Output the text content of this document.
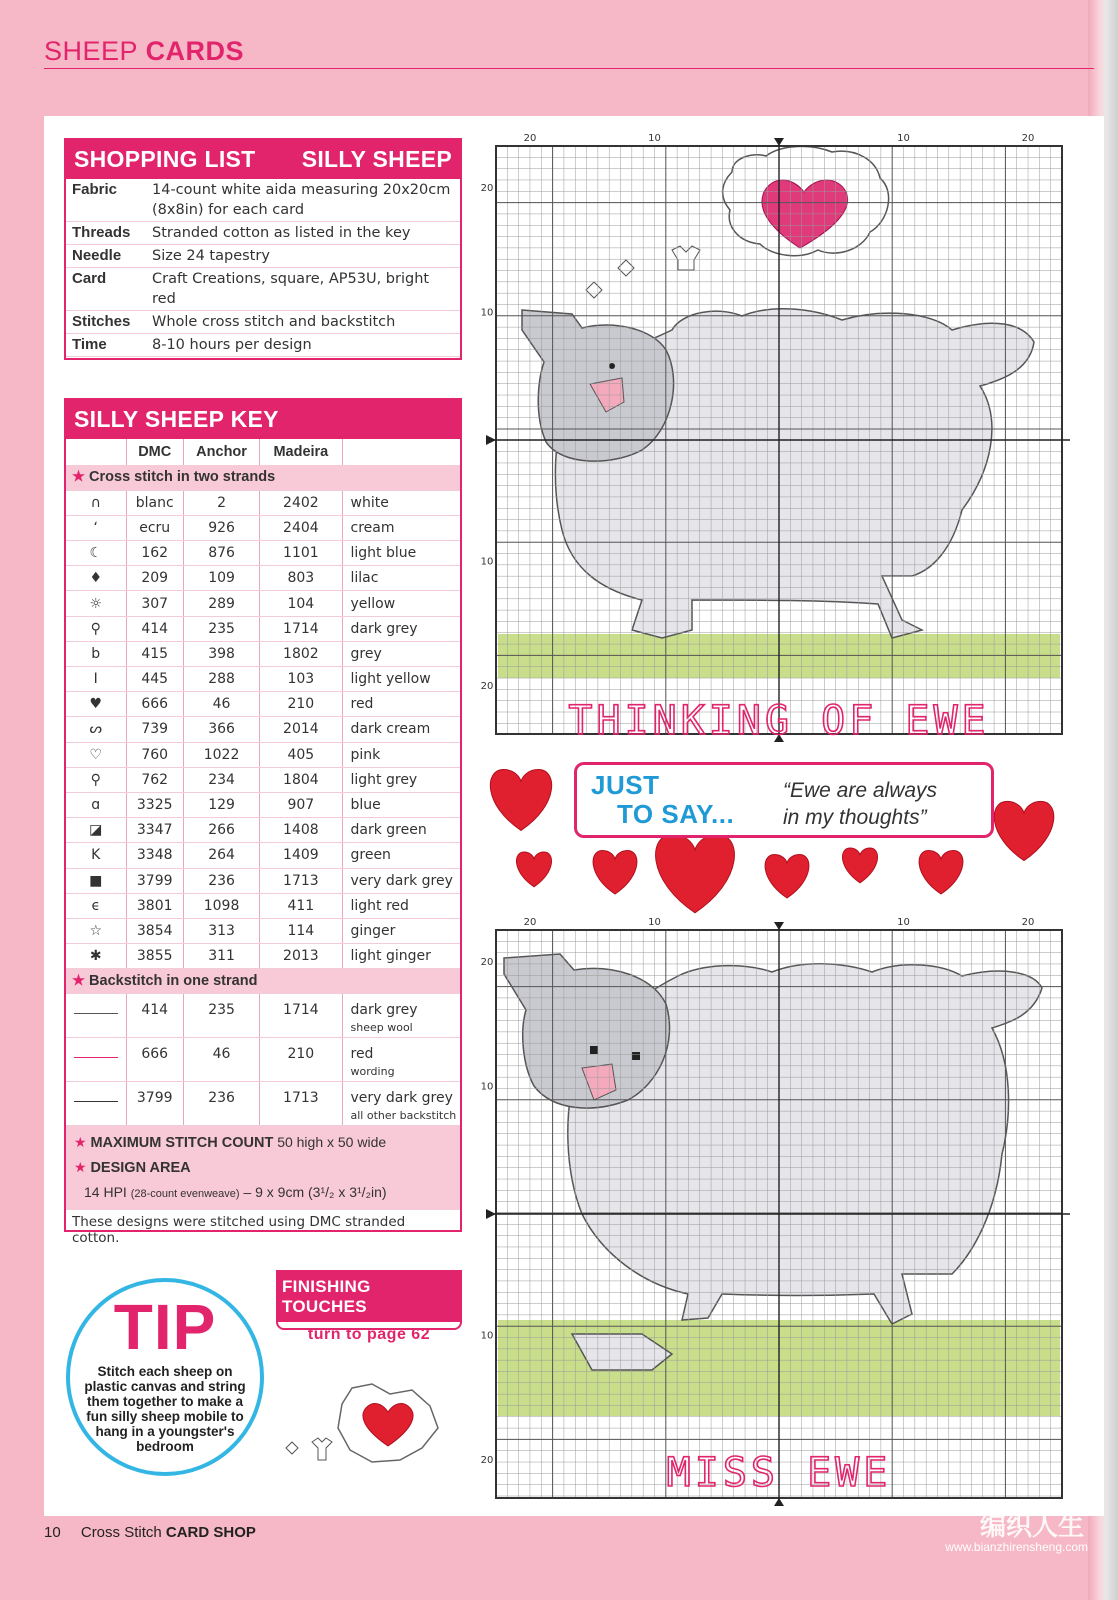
SHEEP CARDS
SHOPPING LIST SILLY SHEEP
Fabric	14-count white aida measuring 20x20cm (8x8in) for each card
Threads	Stranded cotton as listed in the key
Needle	Size 24 tapestry
Card	Craft Creations, square, AP53U, bright red
Stitches	Whole cross stitch and backstitch
Time	8-10 hours per design
SILLY SHEEP KEY
	DMC	Anchor	Madeira	
★ Cross stitch in two strands				
∩	blanc	2	2402	white
ʻ	ecru	926	2404	cream
☾	162	876	1101	light blue
♦	209	109	803	lilac
☼	307	289	104	yellow
⚲	414	235	1714	dark grey
b	415	398	1802	grey
I	445	288	103	light yellow
♥	666	46	210	red
ᔕ	739	366	2014	dark cream
♡	760	1022	405	pink
⚲	762	234	1804	light grey
ɑ	3325	129	907	blue
◪	3347	266	1408	dark green
K	3348	264	1409	green
■	3799	236	1713	very dark grey
ϵ	3801	1098	411	light red
☆	3854	313	114	ginger
✱	3855	311	2013	light ginger
★ Backstitch in one strand				
	414	235	1714	dark grey
sheep wool

	666	46	210	red
wording

	3799	236	1713	very dark grey
all other backstitch
★ MAXIMUM STITCH COUNT 50 high x 50 wide
★ DESIGN AREA
14 HPI (28-count evenweave) – 9 x 9cm (3¹/₂ x 3¹/₂in)
These designs were stitched using DMC stranded cotton.
TIP
Stitch each sheep on plastic canvas and string them together to make a fun silly sheep mobile to hang in a youngster's bedroom
FINISHING TOUCHES
turn to page 62
20	10	10	20
20
10
10
20
THINKING OF EWE
JUST
TO SAY...
“Ewe are always
in my thoughts”
20	10	10	20
20
10
10
20	MISS EWE
10 Cross Stitch CARD SHOP	编织人生
www.bianzhirensheng.com
